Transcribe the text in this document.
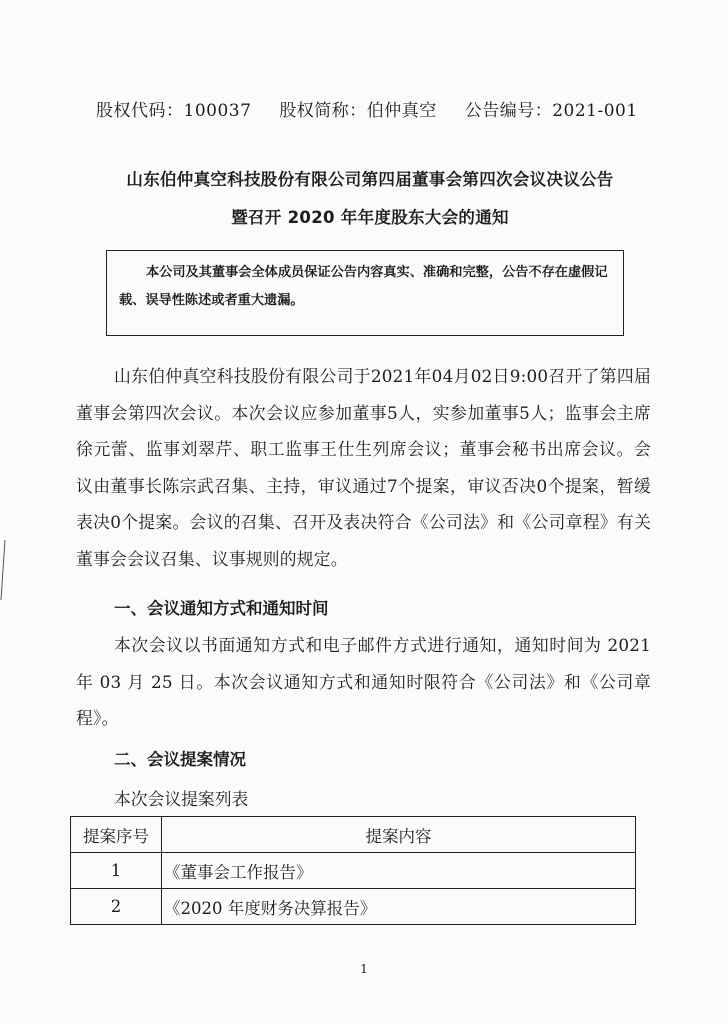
股权代码：100037 股权简称：伯仲真空 公告编号：2021-001
山东伯仲真空科技股份有限公司第四届董事会第四次会议决议公告
暨召开 2020 年年度股东大会的通知

本公司及其董事会全体成员保证公告内容真实、准确和完整，公告不存在虚假记载、误导性陈述或者重大遗漏。

山东伯仲真空科技股份有限公司于2021年04月02日9:00召开了第四届董事会第四次会议。本次会议应参加董事5人，实参加董事5人；监事会主席徐元蕾、监事刘翠芹、职工监事王仕生列席会议；董事会秘书出席会议。会议由董事长陈宗武召集、主持，审议通过7个提案，审议否决0个提案，暂缓表决0个提案。会议的召集、召开及表决符合《公司法》和《公司章程》有关董事会会议召集、议事规则的规定。
一、会议通知方式和通知时间
本次会议以书面通知方式和电子邮件方式进行通知，通知时间为 2021 年 03 月 25 日。本次会议通知方式和通知时限符合《公司法》和《公司章程》。
二、会议提案情况
本次会议提案列表
提案序号	提案内容
1	《董事会工作报告》
2	《2020 年度财务决算报告》
1
